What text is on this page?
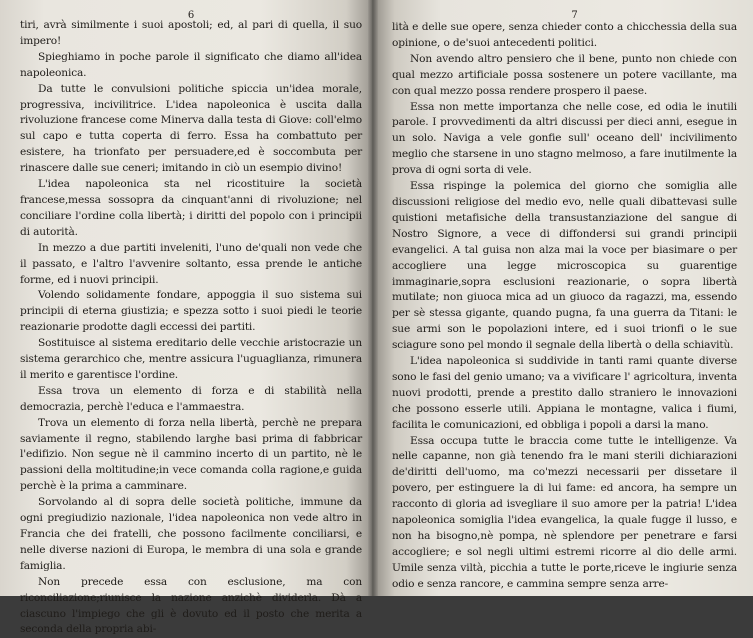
6

tiri, avrà similmente i suoi apostoli; ed, al pari di quella, il suo impero!

Spieghiamo in poche parole il significato che diamo all'idea napoleonica.

Da tutte le convulsioni politiche spiccia un'idea morale, progressiva, incivilitrice. L'idea napoleonica è uscita dalla rivoluzione francese come Minerva dalla testa di Giove: coll'elmo sul capo e tutta coperta di ferro. Essa ha combattuto per esistere, ha trionfato per persuadere,ed è soccombuta per rinascere dalle sue ceneri; imitando in ciò un esempio divino!

L'idea napoleonica sta nel ricostituire la società francese,messa sossopra da cinquant'anni di rivoluzione; nel conciliare l'ordine colla libertà; i diritti del popolo con i principii di autorità.

In mezzo a due partiti inveleniti, l'uno de'quali non vede che il passato, e l'altro l'avvenire soltanto, essa prende le antiche forme, ed i nuovi principii.

Volendo solidamente fondare, appoggia il suo sistema sui principii di eterna giustizia; e spezza sotto i suoi piedi le teorie reazionarie prodotte dagli eccessi dei partiti.

Sostituisce al sistema ereditario delle vecchie aristocrazie un sistema gerarchico che, mentre assicura l'uguaglianza, rimunera il merito e garentisce l'ordine.

Essa trova un elemento di forza e di stabilità nella democrazia, perchè l'educa e l'ammaestra.

Trova un elemento di forza nella libertà, perchè ne prepara saviamente il regno, stabilendo larghe basi prima di fabbricar l'edifizio. Non segue nè il cammino incerto di un partito, nè le passioni della moltitudine;in vece comanda colla ragione,e guida perchè è la prima a camminare.

Sorvolando al di sopra delle società politiche, immune da ogni pregiudizio nazionale, l'idea napoleonica non vede altro in Francia che dei fratelli, che possono facilmente conciliarsi, e nelle diverse nazioni di Europa, le membra di una sola e grande famiglia.

Non precede essa con esclusione, ma con riconciliazione;riunisce la nazione anzichè dividerla. Dà a ciascuno l'impiego che gli è dovuto ed il posto che merita a seconda della propria abi-

7

lità e delle sue opere, senza chieder conto a chicchessia della sua opinione, o de'suoi antecedenti politici.

Non avendo altro pensiero che il bene, punto non chiede con qual mezzo artificiale possa sostenere un potere vacillante, ma con qual mezzo possa rendere prospero il paese.

Essa non mette importanza che nelle cose, ed odia le inutili parole. I provvedimenti da altri discussi per dieci anni, esegue in un solo. Naviga a vele gonfie sull' oceano dell' incivilimento meglio che starsene in uno stagno melmoso, a fare inutilmente la prova di ogni sorta di vele.

Essa rispinge la polemica del giorno che somiglia alle discussioni religiose del medio evo, nelle quali dibattevasi sulle quistioni metafisiche della transustanziazione del sangue di Nostro Signore, a vece di diffondersi sui grandi principii evangelici. A tal guisa non alza mai la voce per biasimare o per accogliere una legge microscopica su guarentige immaginarie,sopra esclusioni reazionarie, o sopra libertà mutilate; non giuoca mica ad un giuoco da ragazzi, ma, essendo per sè stessa gigante, quando pugna, fa una guerra da Titani: le sue armi son le popolazioni intere, ed i suoi trionfi o le sue sciagure sono pel mondo il segnale della libertà o della schiavitù.

L'idea napoleonica si suddivide in tanti rami quante diverse sono le fasi del genio umano; va a vivificare l' agricoltura, inventa nuovi prodotti, prende a prestito dallo straniero le innovazioni che possono esserle utili. Appiana le montagne, valica i fiumi, facilita le comunicazioni, ed obbliga i popoli a darsi la mano.

Essa occupa tutte le braccia come tutte le intelligenze. Va nelle capanne, non già tenendo fra le mani sterili dichiarazioni de'diritti dell'uomo, ma co'mezzi necessarii per dissetare il povero, per estinguere la di lui fame: ed ancora, ha sempre un racconto di gloria ad isvegliare il suo amore per la patria! L'idea napoleonica somiglia l'idea evangelica, la quale fugge il lusso, e non ha bisogno,nè pompa, nè splendore per penetrare e farsi accogliere; e sol negli ultimi estremi ricorre al dio delle armi. Umile senza viltà, picchia a tutte le porte,riceve le ingiurie senza odio e senza rancore, e cammina sempre senza arre-
